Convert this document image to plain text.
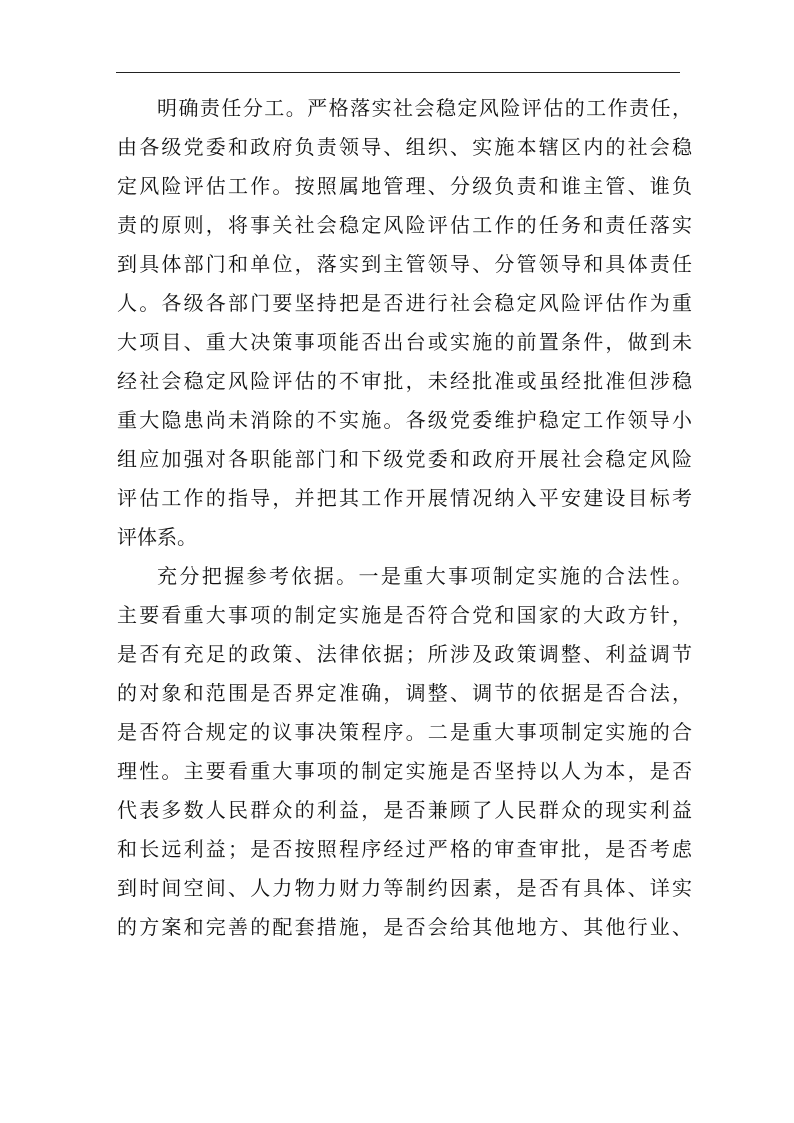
明确责任分工。严格落实社会稳定风险评估的工作责任，
由各级党委和政府负责领导、组织、实施本辖区内的社会稳
定风险评估工作。按照属地管理、分级负责和谁主管、谁负
责的原则，将事关社会稳定风险评估工作的任务和责任落实
到具体部门和单位，落实到主管领导、分管领导和具体责任
人。各级各部门要坚持把是否进行社会稳定风险评估作为重
大项目、重大决策事项能否出台或实施的前置条件，做到未
经社会稳定风险评估的不审批，未经批准或虽经批准但涉稳
重大隐患尚未消除的不实施。各级党委维护稳定工作领导小
组应加强对各职能部门和下级党委和政府开展社会稳定风险
评估工作的指导，并把其工作开展情况纳入平安建设目标考
评体系。
充分把握参考依据。一是重大事项制定实施的合法性。
主要看重大事项的制定实施是否符合党和国家的大政方针，
是否有充足的政策、法律依据；所涉及政策调整、利益调节
的对象和范围是否界定准确，调整、调节的依据是否合法，
是否符合规定的议事决策程序。二是重大事项制定实施的合
理性。主要看重大事项的制定实施是否坚持以人为本，是否
代表多数人民群众的利益，是否兼顾了人民群众的现实利益
和长远利益；是否按照程序经过严格的审查审批，是否考虑
到时间空间、人力物力财力等制约因素，是否有具体、详实
的方案和完善的配套措施，是否会给其他地方、其他行业、
